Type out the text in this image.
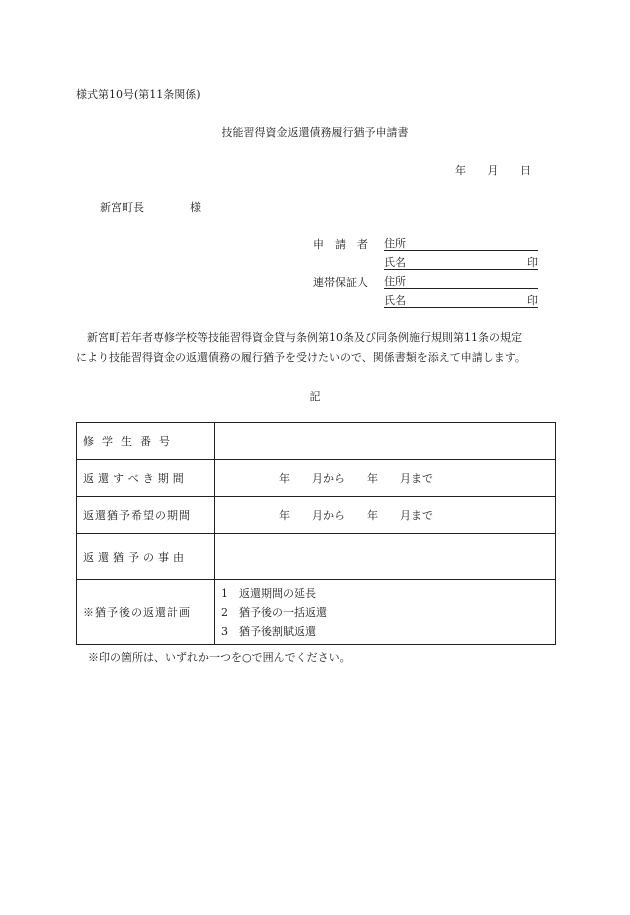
様式第10号(第11条関係)
技能習得資金返還債務履行猶予申請書
年 月 日
新宮町長	様
申　請　者 住所
氏名	印
連帯保証人 住所
氏名	印

新宮町若年者専修学校等技能習得資金貸与条例第10条及び同条例施行規則第11条の規定

により技能習得資金の返還債務の履行猶予を受けたいので、関係書類を添えて申請します。

記
修学生番号	
返還すべき期間	年 月から 年 月まで
返還猶予希望の期間	年 月から 年 月まで
返還猶予の事由	
※猶予後の返還計画	1 返還期間の延長
2 猶予後の一括返還
3 猶予後割賦返還
※印の箇所は、いずれか一つを○で囲んでください。
